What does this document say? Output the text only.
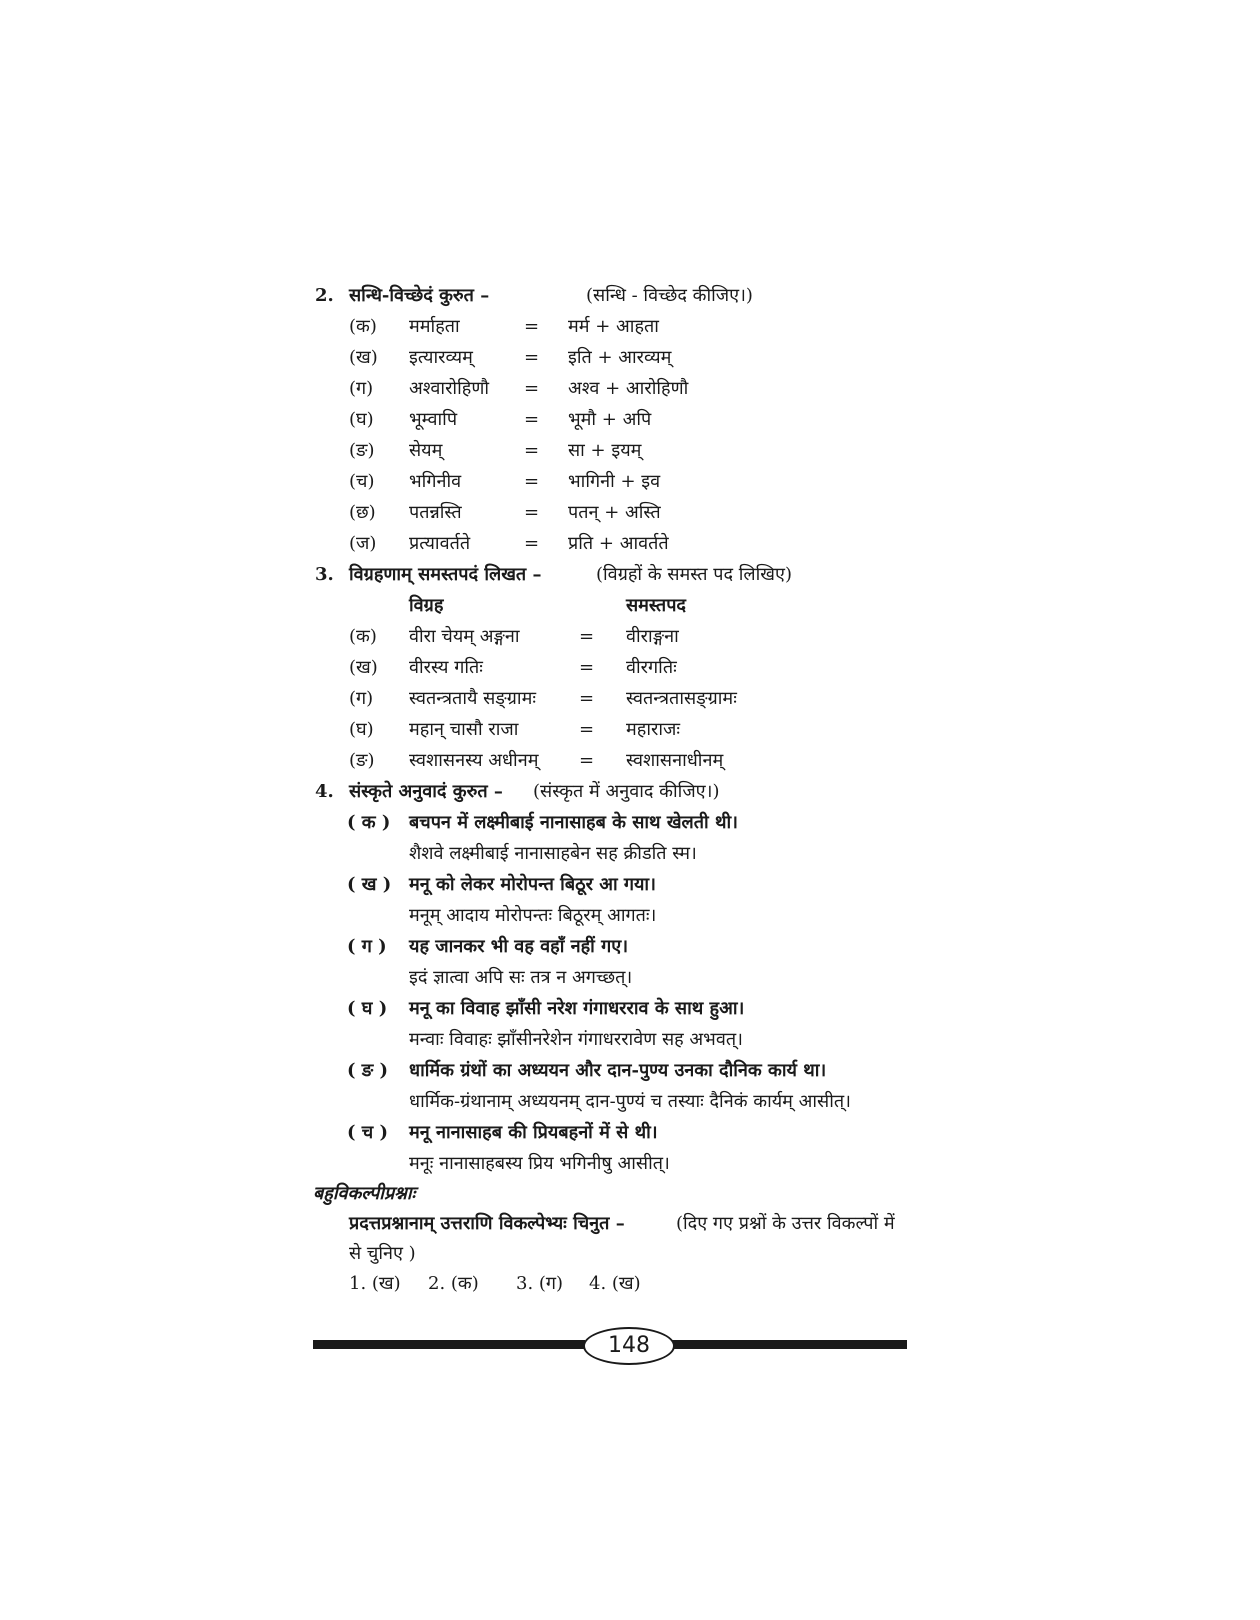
2. सन्धि-विच्छेदं कुरुत –	(सन्धि - विच्छेद कीजिए।)
(क) मर्माहता	= मर्म + आहता
(ख) इत्यारव्यम्	= इति + आरव्यम्
(ग) अश्वारोहिणौ = अश्व + आरोहिणौ
(घ) भूम्वापि	= भूमौ + अपि
(ङ) सेयम्	= सा + इयम्
(च) भगिनीव	= भागिनी + इव
(छ) पतन्नस्ति	= पतन् + अस्ति
(ज) प्रत्यावर्तते	= प्रति + आवर्तते
3. विग्रहणाम् समस्तपदं लिखत –	(विग्रहों के समस्त पद लिखिए)
विग्रह	समस्तपद
(क) वीरा चेयम् अङ्गना	= वीराङ्गना
(ख) वीरस्य गतिः	= वीरगतिः
(ग) स्वतन्त्रतायै सङ्ग्रामः = स्वतन्त्रतासङ्ग्रामः
(घ) महान् चासौ राजा	= महाराजः
(ङ) स्वशासनस्य अधीनम् = स्वशासनाधीनम्
4. संस्कृते अनुवादं कुरुत – (संस्कृत में अनुवाद कीजिए।)
( क ) बचपन में लक्ष्मीबाई नानासाहब के साथ खेलती थी।
शैशवे लक्ष्मीबाई नानासाहबेन सह क्रीडति स्म।
( ख ) मनू को लेकर मोरोपन्त बिठूर आ गया।
मनूम् आदाय मोरोपन्तः बिठूरम् आगतः।
( ग ) यह जानकर भी वह वहाँ नहीं गए।
इदं ज्ञात्वा अपि सः तत्र न अगच्छत्।
( घ ) मनू का विवाह झाँसी नरेश गंगाधरराव के साथ हुआ।
मन्वाः विवाहः झाँसीनरेशेन गंगाधररावेण सह अभवत्।
( ङ ) धार्मिक ग्रंथों का अध्ययन और दान-पुण्य उनका दौनिक कार्य था।
धार्मिक-ग्रंथानाम् अध्ययनम् दान-पुण्यं च तस्याः दैनिकं कार्यम् आसीत्।
( च ) मनू नानासाहब की प्रियबहनों में से थी।
मनूः नानासाहबस्य प्रिय भगिनीषु आसीत्।
बहुविकल्पीप्रश्नाः
प्रदत्तप्रश्नानाम् उत्तराणि विकल्पेभ्यः चिनुत –	(दिए गए प्रश्नों के उत्तर विकल्पों में
से चुनिए )
1. (ख) 2. (क) 3. (ग) 4. (ख)
148
